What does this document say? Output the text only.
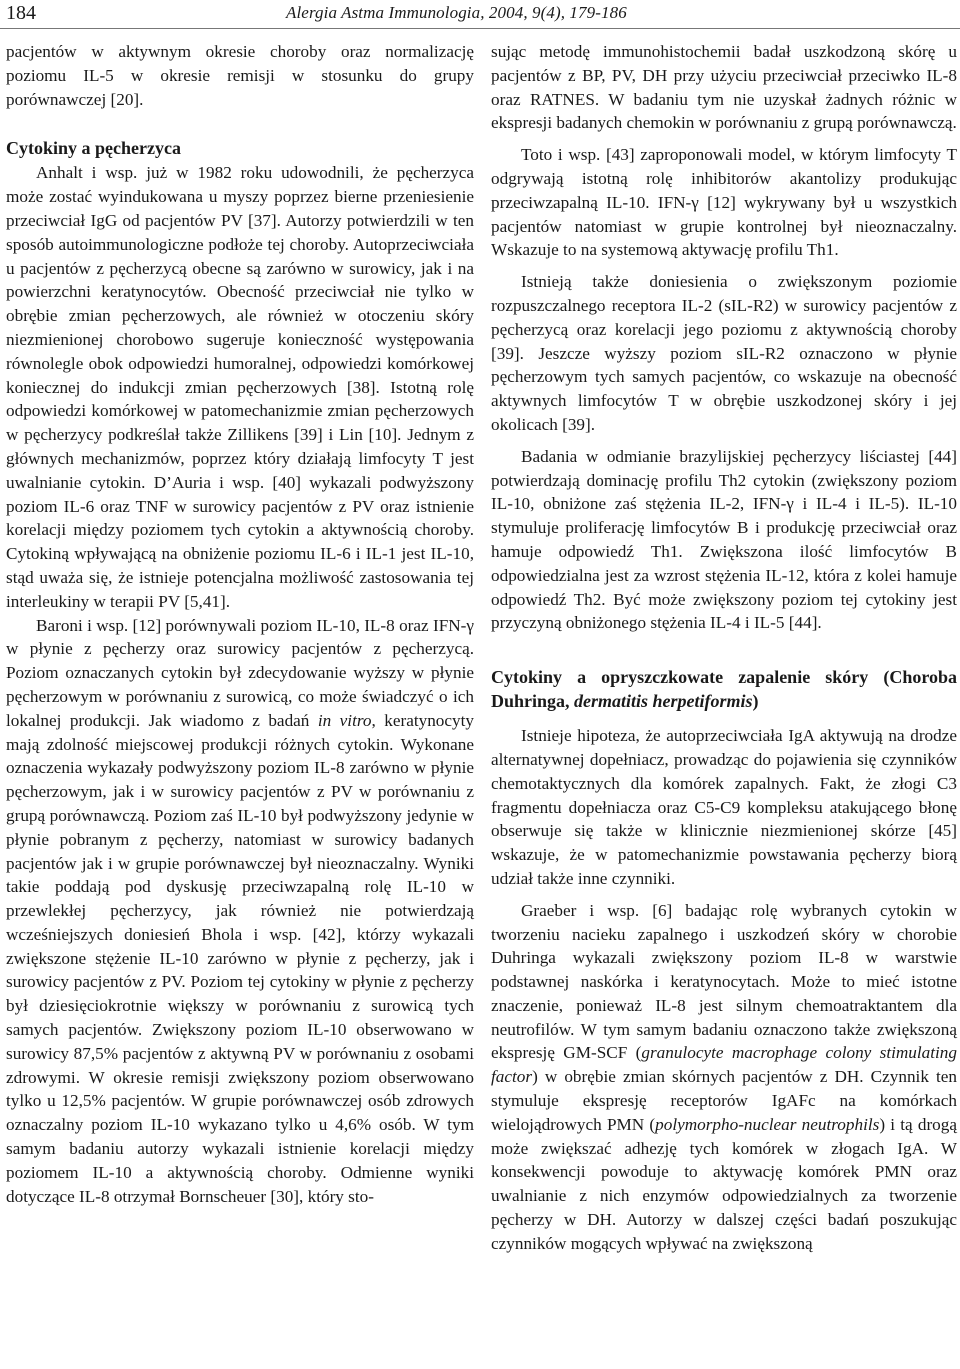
184	Alergia Astma Immunologia, 2004, 9(4), 179-186

pacjentów w aktywnym okresie choroby oraz normalizację poziomu IL-5 w okresie remisji w stosunku do grupy porównawczej [20].

Cytokiny a pęcherzyca

Anhalt i wsp. już w 1982 roku udowodnili, że pęcherzyca może zostać wyindukowana u myszy poprzez bierne przeniesienie przeciwciał IgG od pacjentów PV [37]. Autorzy potwierdzili w ten sposób autoimmunologiczne podłoże tej choroby. Autoprzeciwciała u pacjentów z pęcherzycą obecne są zarówno w surowicy, jak i na powierzchni keratynocytów. Obecność przeciwciał nie tylko w obrębie zmian pęcherzowych, ale również w otoczeniu skóry niezmienionej chorobowo sugeruje konieczność występowania równolegle obok odpowiedzi humoralnej, odpowiedzi komórkowej koniecznej do indukcji zmian pęcherzowych [38]. Istotną rolę odpowiedzi komórkowej w patomechanizmie zmian pęcherzowych w pęcherzycy podkreślał także Zillikens [39] i Lin [10]. Jednym z głównych mechanizmów, poprzez który działają limfocyty T jest uwalnianie cytokin. D’Auria i wsp. [40] wykazali podwyższony poziom IL-6 oraz TNF w surowicy pacjentów z PV oraz istnienie korelacji między poziomem tych cytokin a aktywnością choroby. Cytokiną wpływającą na obniżenie poziomu IL-6 i IL-1 jest IL-10, stąd uważa się, że istnieje potencjalna możliwość zastosowania tej interleukiny w terapii PV [5,41].

Baroni i wsp. [12] porównywali poziom IL-10, IL-8 oraz IFN-γ w płynie z pęcherzy oraz surowicy pacjentów z pęcherzycą. Poziom oznaczanych cytokin był zdecydowanie wyższy w płynie pęcherzowym w porównaniu z surowicą, co może świadczyć o ich lokalnej produkcji. Jak wiadomo z badań in vitro, keratynocyty mają zdolność miejscowej produkcji różnych cytokin. Wykonane oznaczenia wykazały podwyższony poziom IL-8 zarówno w płynie pęcherzowym, jak i w surowicy pacjentów z PV w porównaniu z grupą porównawczą. Poziom zaś IL-10 był podwyższony jedynie w płynie pobranym z pęcherzy, natomiast w surowicy badanych pacjentów jak i w grupie porównawczej był nieoznaczalny. Wyniki takie poddają pod dyskusję przeciwzapalną rolę IL-10 w przewlekłej pęcherzycy, jak również nie potwierdzają wcześniejszych doniesień Bhola i wsp. [42], którzy wykazali zwiększone stężenie IL-10 zarówno w płynie z pęcherzy, jak i surowicy pacjentów z PV. Poziom tej cytokiny w płynie z pęcherzy był dziesięciokrotnie większy w porównaniu z surowicą tych samych pacjentów. Zwiększony poziom IL-10 obserwowano w surowicy 87,5% pacjentów z aktywną PV w porównaniu z osobami zdrowymi. W okresie remisji zwiększony poziom obserwowano tylko u 12,5% pacjentów. W grupie porównawczej osób zdrowych oznaczalny poziom IL-10 wykazano tylko u 4,6% osób. W tym samym badaniu autorzy wykazali istnienie korelacji między poziomem IL-10 a aktywnością choroby. Odmienne wyniki dotyczące IL-8 otrzymał Bornscheuer [30], który sto-

sując metodę immunohistochemii badał uszkodzoną skórę u pacjentów z BP, PV, DH przy użyciu przeciwciał przeciwko IL-8 oraz RATNES. W badaniu tym nie uzyskał żadnych różnic w ekspresji badanych chemokin w porównaniu z grupą porównawczą.

Toto i wsp. [43] zaproponowali model, w którym limfocyty T odgrywają istotną rolę inhibitorów akantolizy produkując przeciwzapalną IL-10. IFN-γ [12] wykrywany był u wszystkich pacjentów natomiast w grupie kontrolnej był nieoznaczalny. Wskazuje to na systemową aktywację profilu Th1.

Istnieją także doniesienia o zwiększonym poziomie rozpuszczalnego receptora IL-2 (sIL-R2) w surowicy pacjentów z pęcherzycą oraz korelacji jego poziomu z aktywnością choroby [39]. Jeszcze wyższy poziom sIL-R2 oznaczono w płynie pęcherzowym tych samych pacjentów, co wskazuje na obecność aktywnych limfocytów T w obrębie uszkodzonej skóry i jej okolicach [39].

Badania w odmianie brazylijskiej pęcherzycy liściastej [44] potwierdzają dominację profilu Th2 cytokin (zwiększony poziom IL-10, obniżone zaś stężenia IL-2, IFN-γ i IL-4 i IL-5). IL-10 stymuluje proliferację limfocytów B i produkcję przeciwciał oraz hamuje odpowiedź Th1. Zwiększona ilość limfocytów B odpowiedzialna jest za wzrost stężenia IL-12, która z kolei hamuje odpowiedź Th2. Być może zwiększony poziom tej cytokiny jest przyczyną obniżonego stężenia IL-4 i IL-5 [44].

Cytokiny a opryszczkowate zapalenie skóry (Choroba Duhringa, dermatitis herpetiformis)

Istnieje hipoteza, że autoprzeciwciała IgA aktywują na drodze alternatywnej dopełniacz, prowadząc do pojawienia się czynników chemotaktycznych dla komórek zapalnych. Fakt, że złogi C3 fragmentu dopełniacza oraz C5-C9 kompleksu atakującego błonę obserwuje się także w klinicznie niezmienionej skórze [45] wskazuje, że w patomechanizmie powstawania pęcherzy biorą udział także inne czynniki.

Graeber i wsp. [6] badając rolę wybranych cytokin w tworzeniu nacieku zapalnego i uszkodzeń skóry w chorobie Duhringa wykazali zwiększony poziom IL-8 w warstwie podstawnej naskórka i keratynocytach. Może to mieć istotne znaczenie, ponieważ IL-8 jest silnym chemoatraktantem dla neutrofilów. W tym samym badaniu oznaczono także zwiększoną ekspresję GM-SCF (granulocyte macrophage colony stimulating factor) w obrębie zmian skórnych pacjentów z DH. Czynnik ten stymuluje ekspresję receptorów IgAFc na komórkach wielojądrowych PMN (polymorpho-nuclear neutrophils) i tą drogą może zwiększać adhezję tych komórek w złogach IgA. W konsekwencji powoduje to aktywację komórek PMN oraz uwalnianie z nich enzymów odpowiedzialnych za tworzenie pęcherzy w DH. Autorzy w dalszej części badań poszukując czynników mogących wpływać na zwiększoną
